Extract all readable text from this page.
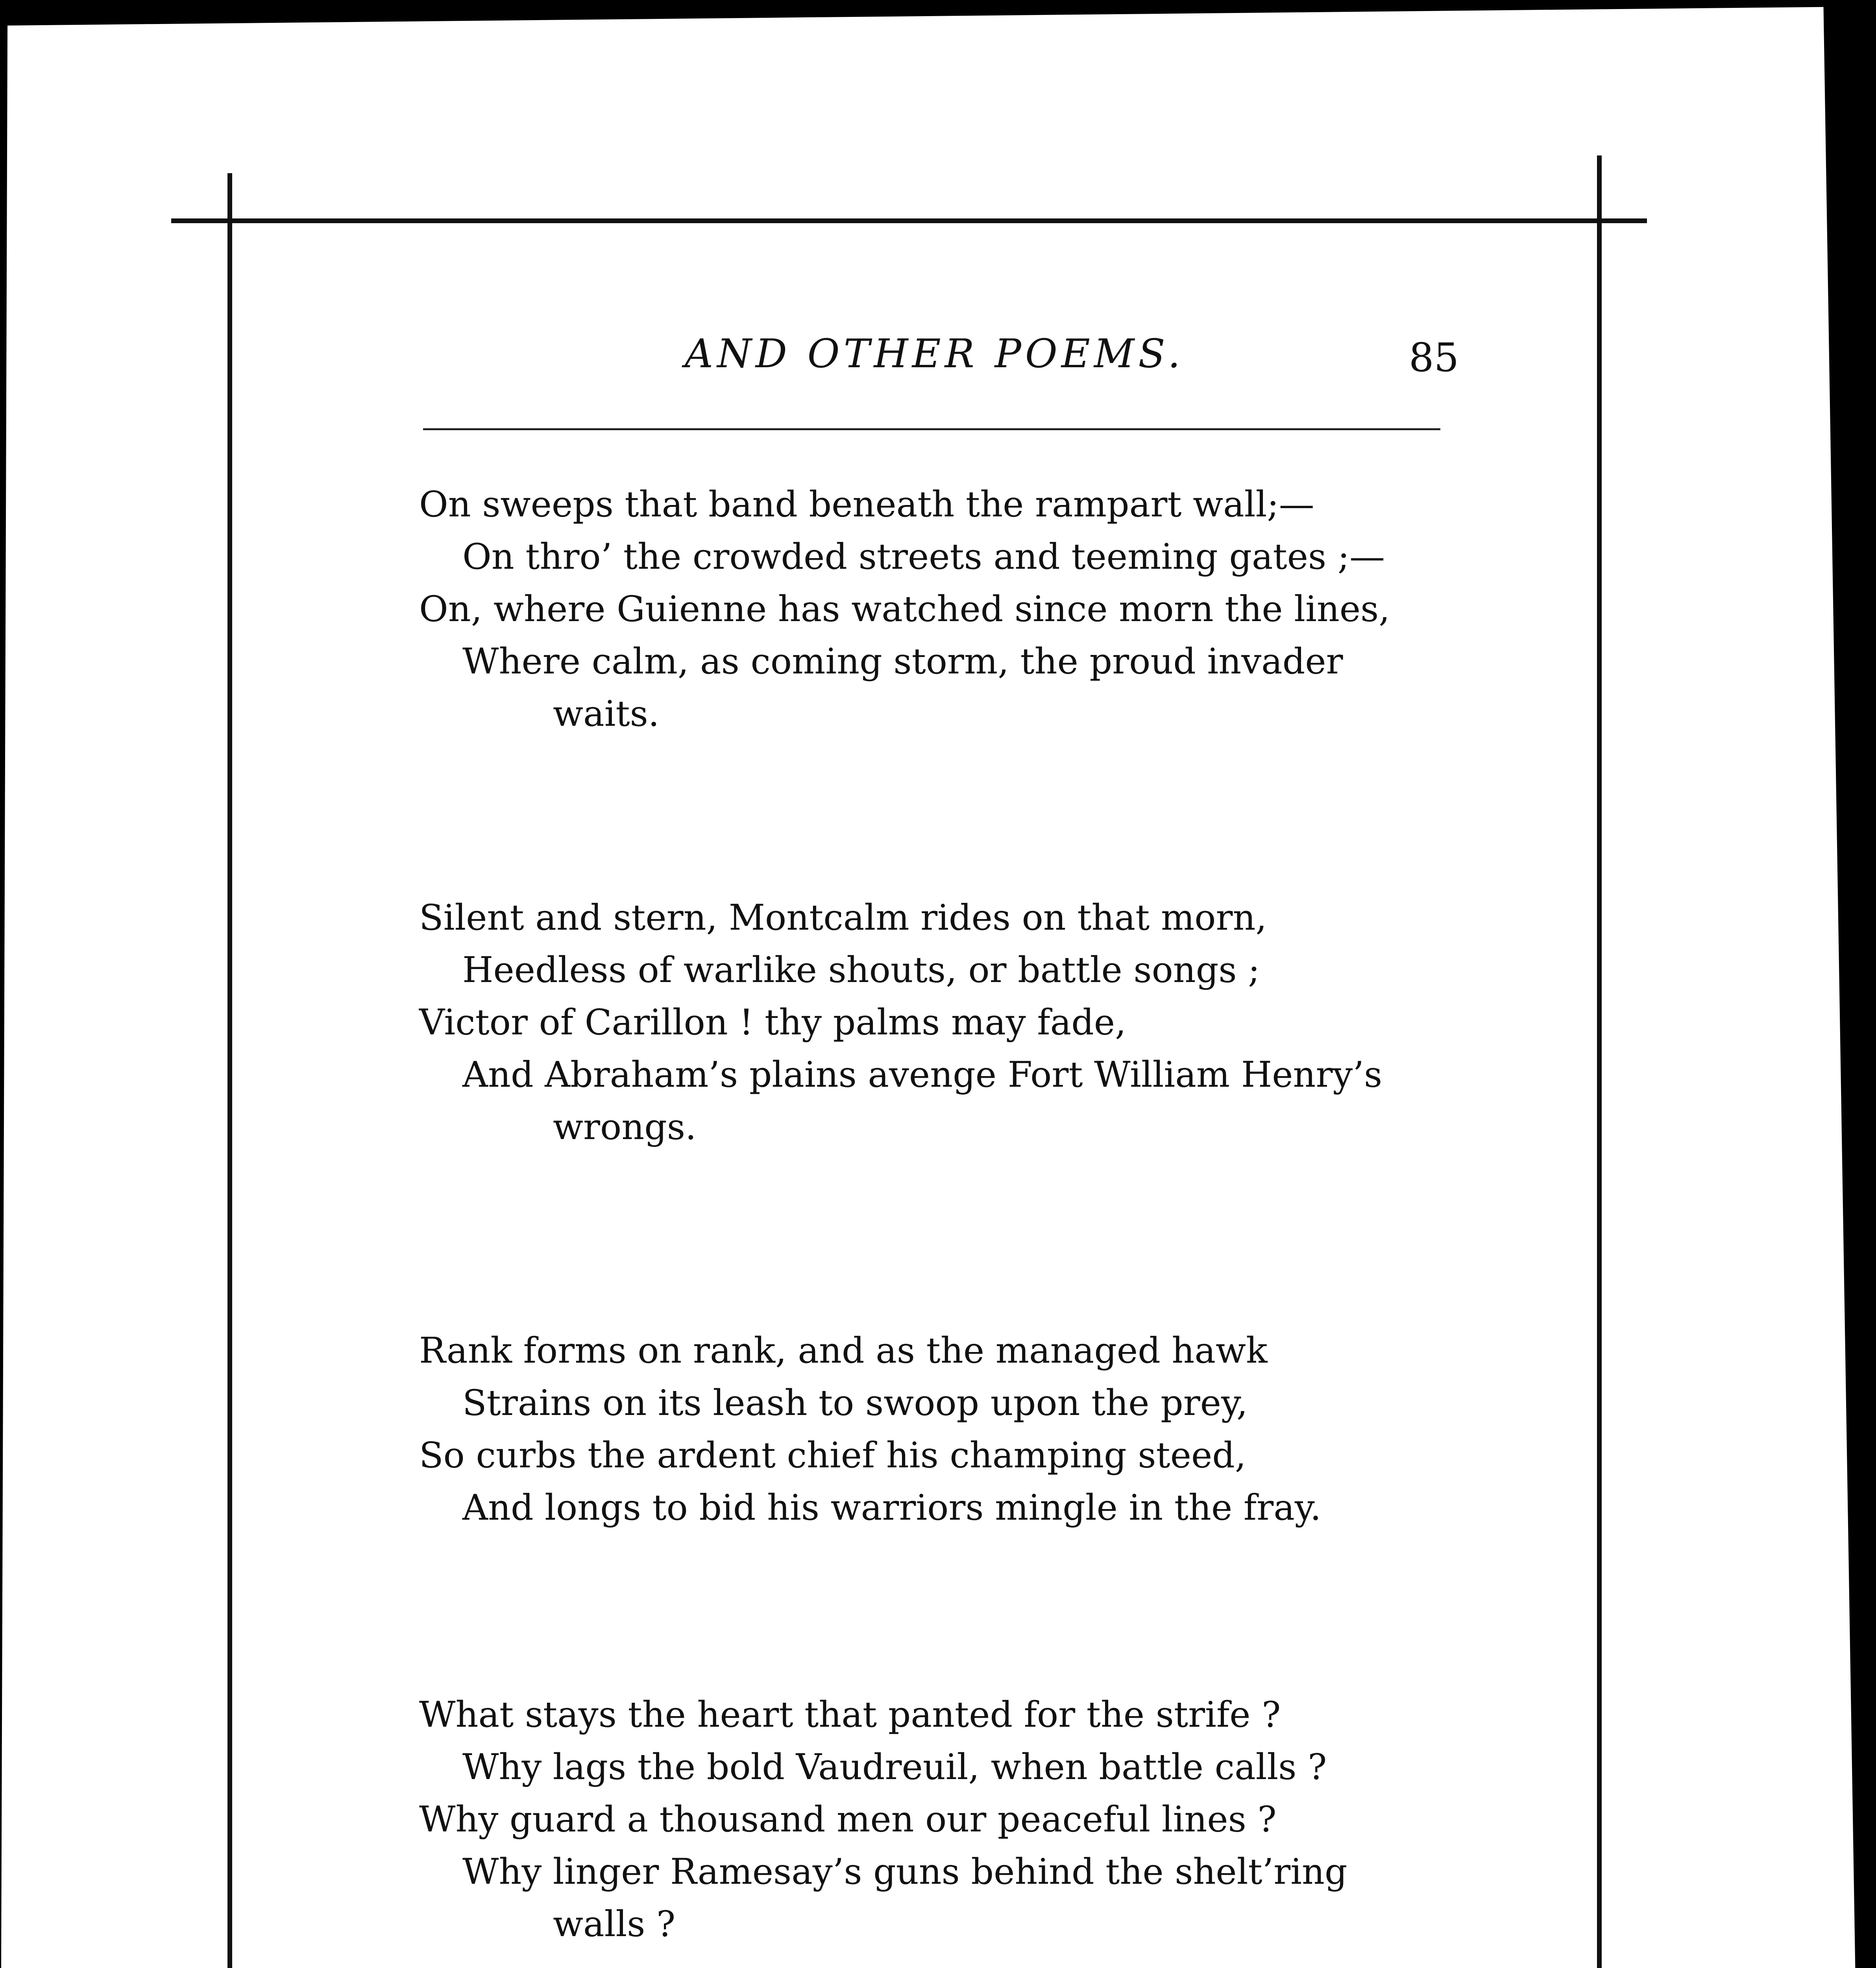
AND OTHER POEMS.	85
On sweeps that band beneath the rampart wall;—
On thro’ the crowded streets and teeming gates ;—
On, where Guienne has watched since morn the lines,
Where calm, as coming storm, the proud invader
waits.
Silent and stern, Montcalm rides on that morn,
Heedless of warlike shouts, or battle songs ;
Victor of Carillon ! thy palms may fade,
And Abraham’s plains avenge Fort William Henry’s
wrongs.
Rank forms on rank, and as the managed hawk
Strains on its leash to swoop upon the prey,
So curbs the ardent chief his champing steed,
And longs to bid his warriors mingle in the fray.
What stays the heart that panted for the strife ?
Why lags the bold Vaudreuil, when battle calls ?
Why guard a thousand men our peaceful lines ?
Why linger Ramesay’s guns behind the shelt’ring
walls ?
